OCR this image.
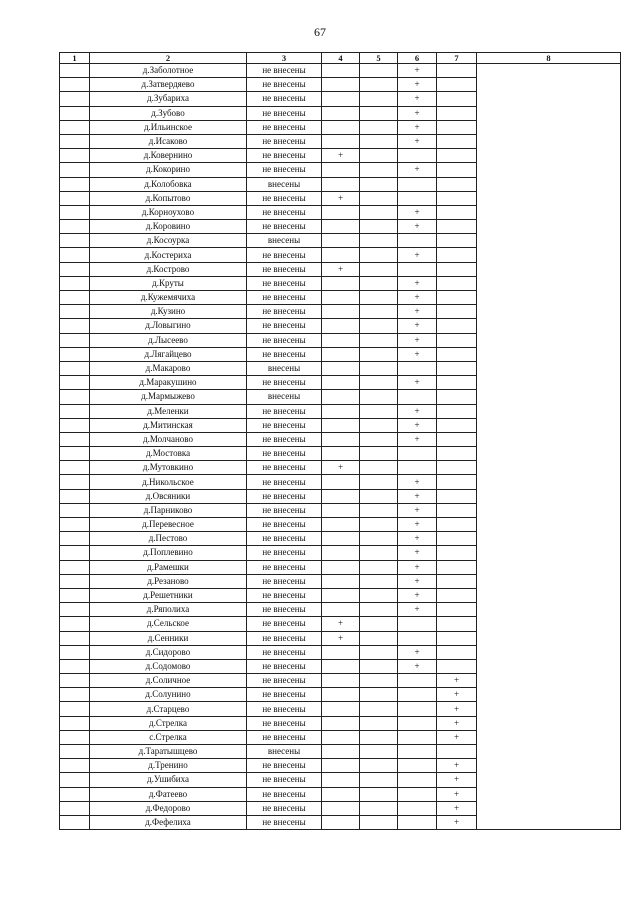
67
1	2	3	4	5	6	7	8
	д.Заболотное	не внесены			+		
	д.Затвердяево	не внесены			+		
	д.Зубариха	не внесены			+		
	д.Зубово	не внесены			+		
	д.Ильинское	не внесены			+		
	д.Исаково	не внесены			+		
	д.Ковернино	не внесены	+				
	д.Кокорино	не внесены			+		
	д.Колобовка	внесены					
	д.Копытово	не внесены	+				
	д.Корноухово	не внесены			+		
	д.Коровино	не внесены			+		
	д.Косоурка	внесены					
	д.Костериха	не внесены			+		
	д.Кострово	не внесены	+				
	д.Круты	не внесены			+		
	д.Кужемячиха	не внесены			+		
	д.Кузино	не внесены			+		
	д.Ловыгино	не внесены			+		
	д.Лысеево	не внесены			+		
	д.Лягайцево	не внесены			+		
	д.Макарово	внесены					
	д.Маракушино	не внесены			+		
	д.Мармыжево	внесены					
	д.Меленки	не внесены			+		
	д.Митинская	не внесены			+		
	д.Молчаново	не внесены			+		
	д.Мостовка	не внесены					
	д.Мутовкино	не внесены	+				
	д.Никольское	не внесены			+		
	д.Овсяники	не внесены			+		
	д.Парниково	не внесены			+		
	д.Перевесное	не внесены			+		
	д.Пестово	не внесены			+		
	д.Поплевино	не внесены			+		
	д.Рамешки	не внесены			+		
	д.Резаново	не внесены			+		
	д.Решетники	не внесены			+		
	д.Ряполиха	не внесены			+		
	д.Сельское	не внесены	+				
	д.Сенники	не внесены	+				
	д.Сидорово	не внесены			+		
	д.Содомово	не внесены			+		
	д.Соличное	не внесены				+	
	д.Солунино	не внесены				+	
	д.Старцево	не внесены				+	
	д.Стрелка	не внесены				+	
	с.Стрелка	не внесены				+	
	д.Таратышцево	внесены					
	д.Тренино	не внесены				+	
	д.Ушибиха	не внесены				+	
	д.Фатеево	не внесены				+	
	д.Федорово	не внесены				+	
	д.Фефелиха	не внесены				+	
